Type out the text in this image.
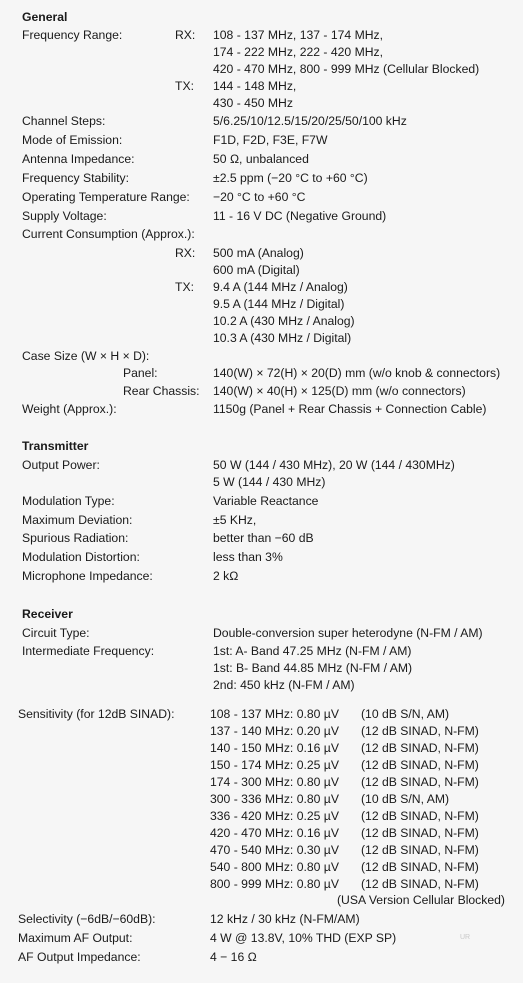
General
Frequency Range:	RX: 108 - 137 MHz, 137 - 174 MHz,
174 - 222 MHz, 222 - 420 MHz,
420 - 470 MHz, 800 - 999 MHz (Cellular Blocked)
TX: 144 - 148 MHz,
430 - 450 MHz
Channel Steps:	5/6.25/10/12.5/15/20/25/50/100 kHz
Mode of Emission:	F1D, F2D, F3E, F7W
Antenna Impedance:	50 Ω, unbalanced
Frequency Stability:	±2.5 ppm (−20 °C to +60 °C)
Operating Temperature Range: −20 °C to +60 °C
Supply Voltage:	11 - 16 V DC (Negative Ground)
Current Consumption (Approx.):
RX: 500 mA (Analog)
600 mA (Digital)
TX: 9.4 A (144 MHz / Analog)
9.5 A (144 MHz / Digital)
10.2 A (430 MHz / Analog)
10.3 A (430 MHz / Digital)
Case Size (W × H × D):
Panel:	140(W) × 72(H) × 20(D) mm (w/o knob & connectors)
Rear Chassis: 140(W) × 40(H) × 125(D) mm (w/o connectors)
Weight (Approx.):	1150g (Panel + Rear Chassis + Connection Cable)
Transmitter
Output Power:	50 W (144 / 430 MHz), 20 W (144 / 430MHz)
5 W (144 / 430 MHz)
Modulation Type:	Variable Reactance
Maximum Deviation:	±5 KHz,
Spurious Radiation:	better than −60 dB
Modulation Distortion:	less than 3%
Microphone Impedance:	2 kΩ
Receiver
Circuit Type:	Double-conversion super heterodyne (N-FM / AM)
Intermediate Frequency:	1st: A- Band 47.25 MHz (N-FM / AM)
1st: B- Band 44.85 MHz (N-FM / AM)
2nd: 450 kHz (N-FM / AM)
Sensitivity (for 12dB SINAD):	108 - 137 MHz: 0.80 µV (10 dB S/N, AM)
137 - 140 MHz: 0.20 µV (12 dB SINAD, N-FM)
140 - 150 MHz: 0.16 µV (12 dB SINAD, N-FM)
150 - 174 MHz: 0.25 µV (12 dB SINAD, N-FM)
174 - 300 MHz: 0.80 µV (12 dB SINAD, N-FM)
300 - 336 MHz: 0.80 µV (10 dB S/N, AM)
336 - 420 MHz: 0.25 µV (12 dB SINAD, N-FM)
420 - 470 MHz: 0.16 µV (12 dB SINAD, N-FM)
470 - 540 MHz: 0.30 µV (12 dB SINAD, N-FM)
540 - 800 MHz: 0.80 µV (12 dB SINAD, N-FM)
800 - 999 MHz: 0.80 µV (12 dB SINAD, N-FM)
(USA Version Cellular Blocked)
Selectivity (−6dB/−60dB):	12 kHz / 30 kHz (N-FM/AM)
Maximum AF Output:	4 W @ 13.8V, 10% THD (EXP SP)	UR
AF Output Impedance:	4 − 16 Ω
